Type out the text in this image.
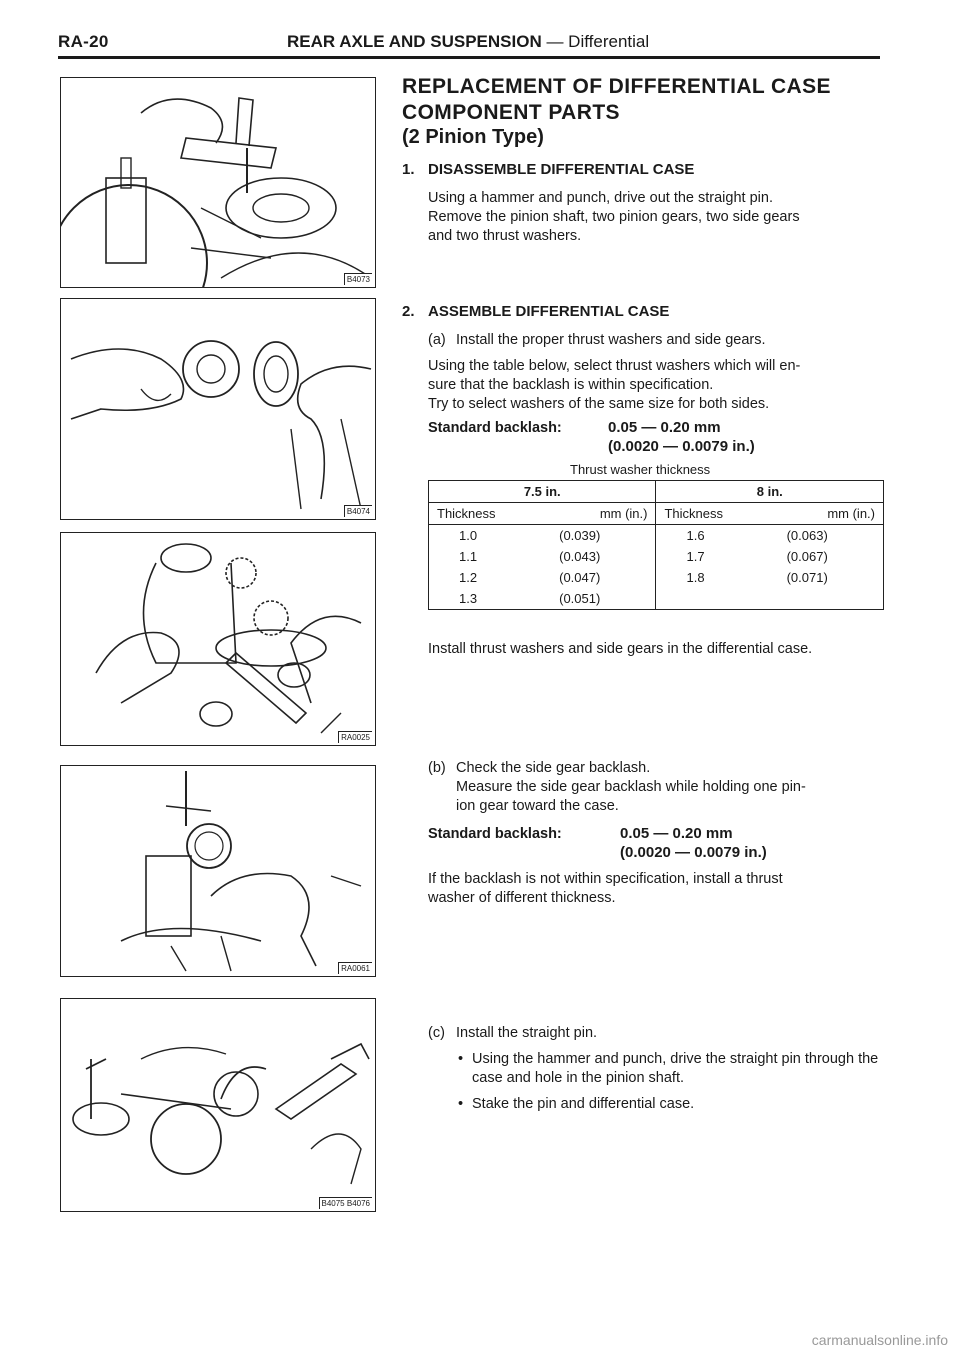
RA-20	REAR AXLE AND SUSPENSION — Differential
B4073
B4074
RA0025
RA0061
B4075 B4076
REPLACEMENT OF DIFFERENTIAL CASE
COMPONENT PARTS
(2 Pinion Type)
1. DISASSEMBLE DIFFERENTIAL CASE
Using a hammer and punch, drive out the straight pin.
Remove the pinion shaft, two pinion gears, two side gears
and two thrust washers.
2. ASSEMBLE DIFFERENTIAL CASE
(a) Install the proper thrust washers and side gears.
Using the table below, select thrust washers which will en-
sure that the backlash is within specification.
Try to select washers of the same size for both sides.
Standard backlash:	0.05 — 0.20 mm
(0.0020 — 0.0079 in.)
Thrust washer thickness
7.5 in.		8 in.	
Thickness	mm (in.)	Thickness	mm (in.)
1.0	(0.039)	1.6	(0.063)
1.1	(0.043)	1.7	(0.067)
1.2	(0.047)	1.8	(0.071)
1.3	(0.051)		
Install thrust washers and side gears in the differential case.
(b) Check the side gear backlash.
Measure the side gear backlash while holding one pin-
ion gear toward the case.
Standard backlash:	0.05 — 0.20 mm
(0.0020 — 0.0079 in.)
If the backlash is not within specification, install a thrust
washer of different thickness.
(c) Install the straight pin.
• Using the hammer and punch, drive the straight pin through the case and hole in the pinion shaft.
• Stake the pin and differential case.
carmanualsonline.info
